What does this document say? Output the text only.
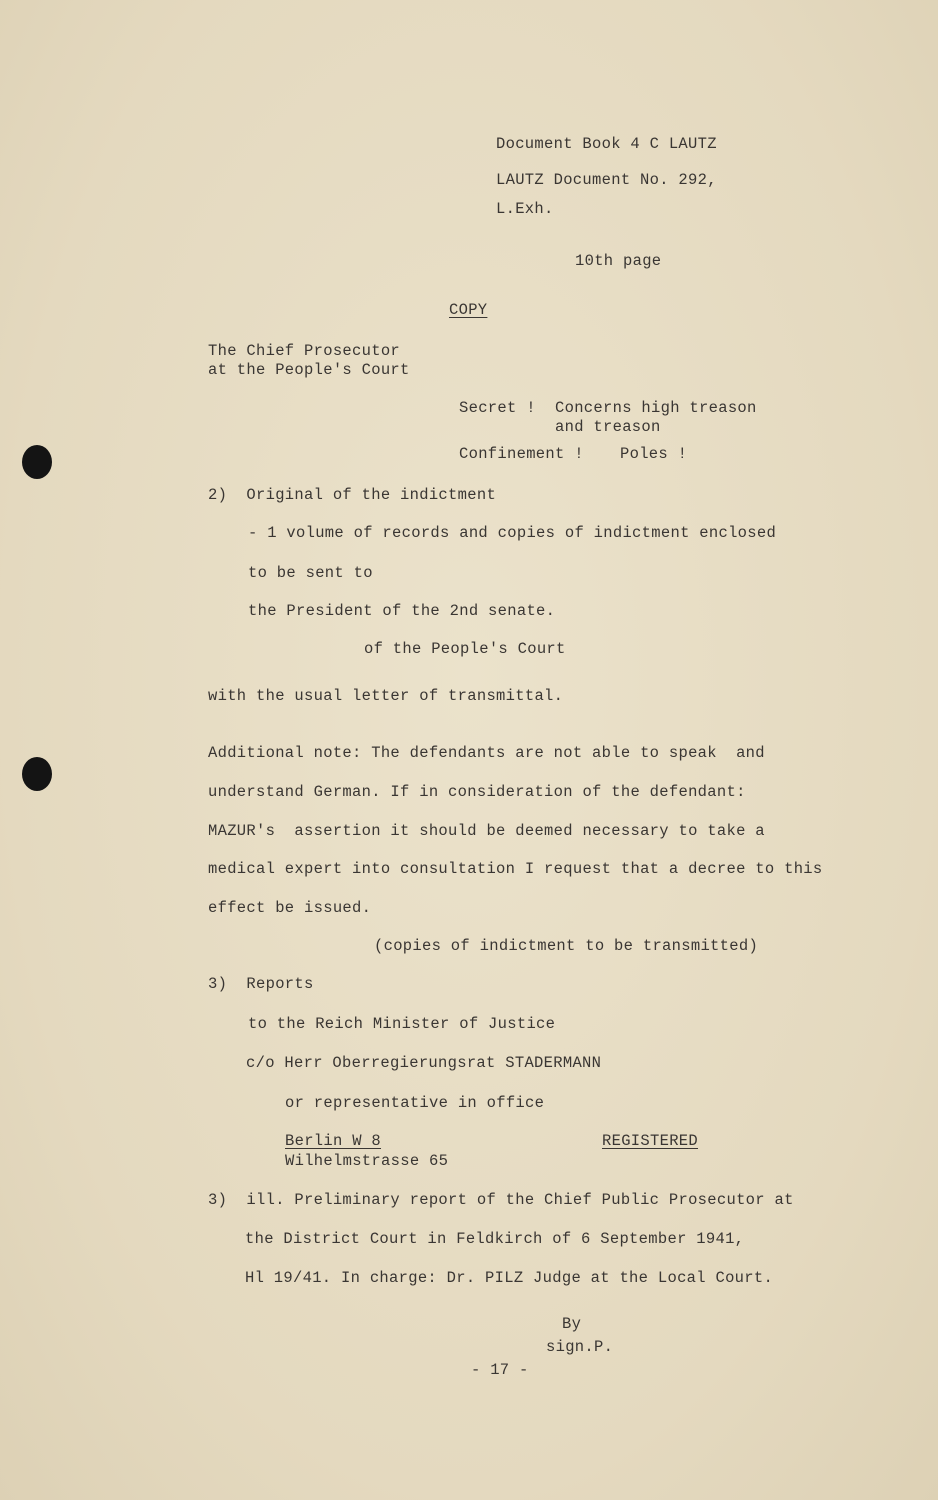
Document Book 4 C LAUTZ
LAUTZ Document No. 292,
L.Exh.
10th page
COPY
The Chief Prosecutor
at the People's Court
Secret ! Concerns high treason
and treason
Confinement ! Poles !
2)  Original of the indictment
- 1 volume of records and copies of indictment enclosed
to be sent to
the President of the 2nd senate.
of the People's Court
with the usual letter of transmittal.
Additional note: The defendants are not able to speak  and
understand German. If in consideration of the defendant:
MAZUR's  assertion it should be deemed necessary to take a
medical expert into consultation I request that a decree to this
effect be issued.
(copies of indictment to be transmitted)
3)  Reports
to the Reich Minister of Justice
c/o Herr Oberregierungsrat STADERMANN
or representative in office
Berlin W 8
Wilhelmstrasse 65
REGISTERED
3)  ill. Preliminary report of the Chief Public Prosecutor at
the District Court in Feldkirch of 6 September 1941,
Hl 19/41. In charge: Dr. PILZ Judge at the Local Court.
By
sign.P.
- 17 -
